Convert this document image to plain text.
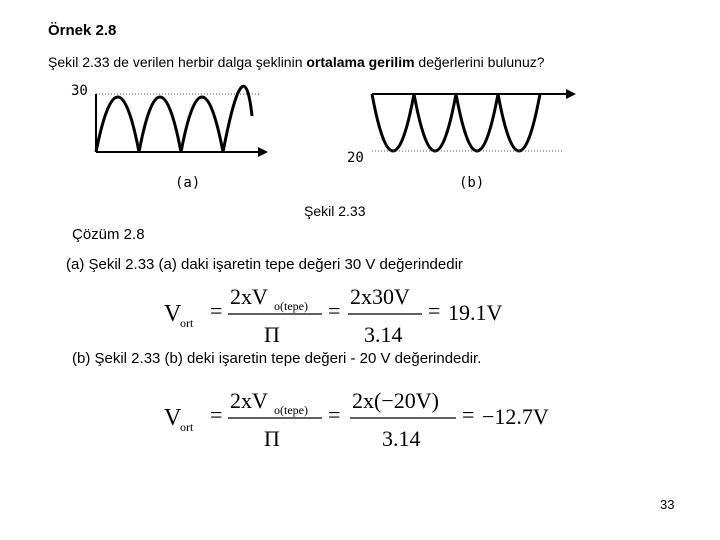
Örnek 2.8
Şekil 2.33 de verilen herbir dalga şeklinin ortalama gerilim değerlerini bulunuz?
30
(a)
20
(b)
Şekil 2.33
Çözüm 2.8
(a) Şekil 2.33 (a) daki işaretin tepe değeri 30 V değerindedir
V
ort =
2xV o(tepe)
Π
=
2x30V
3.14
= 19.1V
(b) Şekil 2.33 (b) deki işaretin tepe değeri - 20 V değerindedir.
V
ort =
2xV o(tepe)
Π
=
2x(−20V)
3.14
= −12.7V
33
